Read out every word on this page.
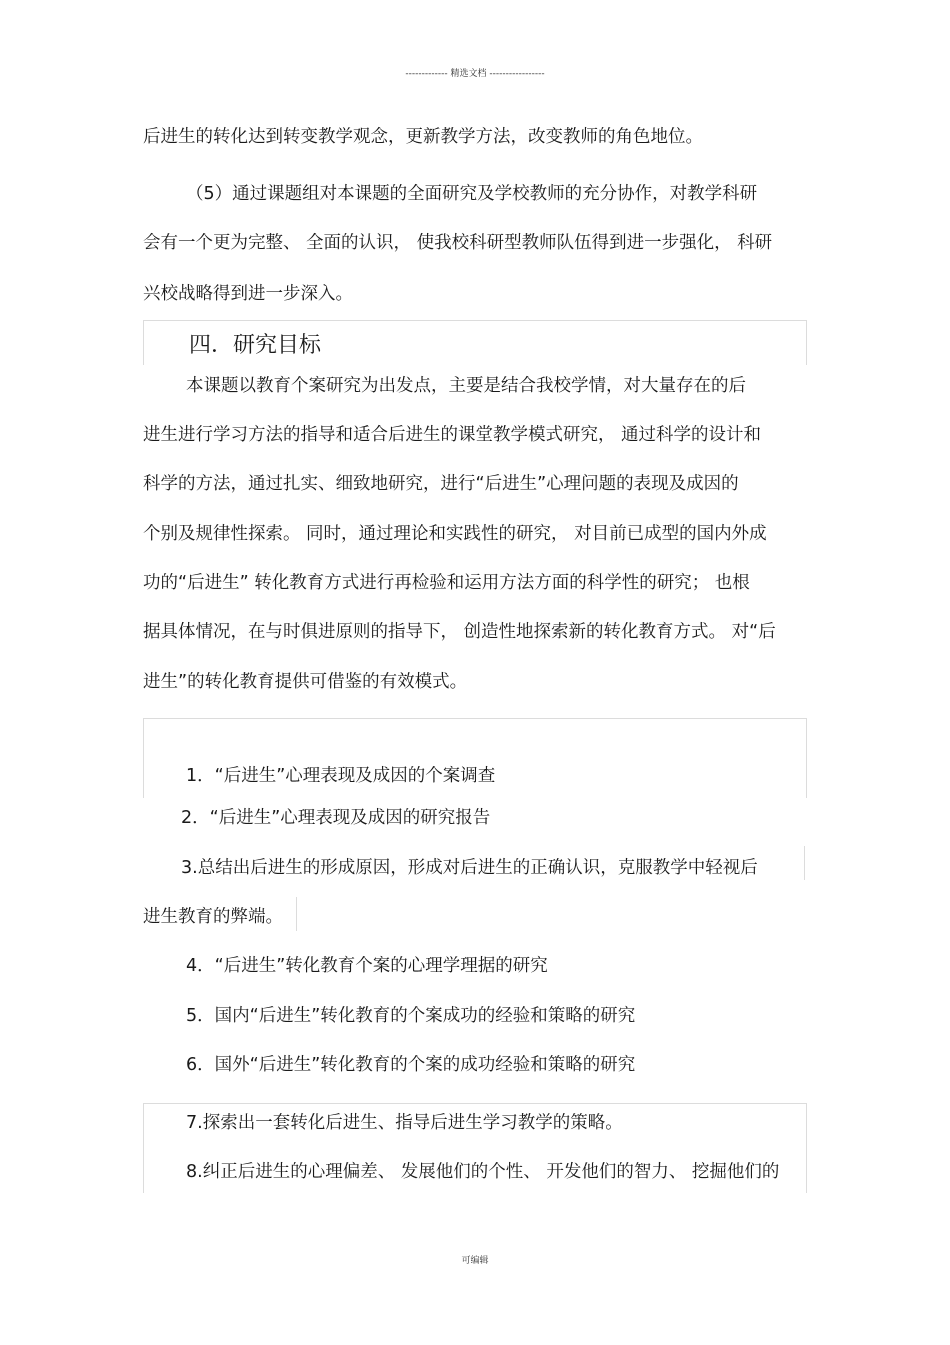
------------- 精选文档 -----------------
后进生的转化达到转变教学观念，更新教学方法，改变教师的角色地位。
（5）通过课题组对本课题的全面研究及学校教师的充分协作，对教学科研
会有一个更为完整、 全面的认识， 使我校科研型教师队伍得到进一步强化， 科研
兴校战略得到进一步深入。
四．研究目标
本课题以教育个案研究为出发点，主要是结合我校学情，对大量存在的后
进生进行学习方法的指导和适合后进生的课堂教学模式研究， 通过科学的设计和
科学的方法，通过扎实、细致地研究，进行“后进生”心理问题的表现及成因的
个别及规律性探索。 同时，通过理论和实践性的研究， 对目前已成型的国内外成
功的“后进生” 转化教育方式进行再检验和运用方法方面的科学性的研究； 也根
据具体情况，在与时俱进原则的指导下， 创造性地探索新的转化教育方式。 对“后
进生”的转化教育提供可借鉴的有效模式。
1．“后进生”心理表现及成因的个案调查
2．“后进生”心理表现及成因的研究报告
3.总结出后进生的形成原因，形成对后进生的正确认识，克服教学中轻视后
进生教育的弊端。
4．“后进生”转化教育个案的心理学理据的研究
5．国内“后进生”转化教育的个案成功的经验和策略的研究
6．国外“后进生”转化教育的个案的成功经验和策略的研究
7.探索出一套转化后进生、指导后进生学习教学的策略。
8.纠正后进生的心理偏差、 发展他们的个性、 开发他们的智力、 挖掘他们的
可编辑
